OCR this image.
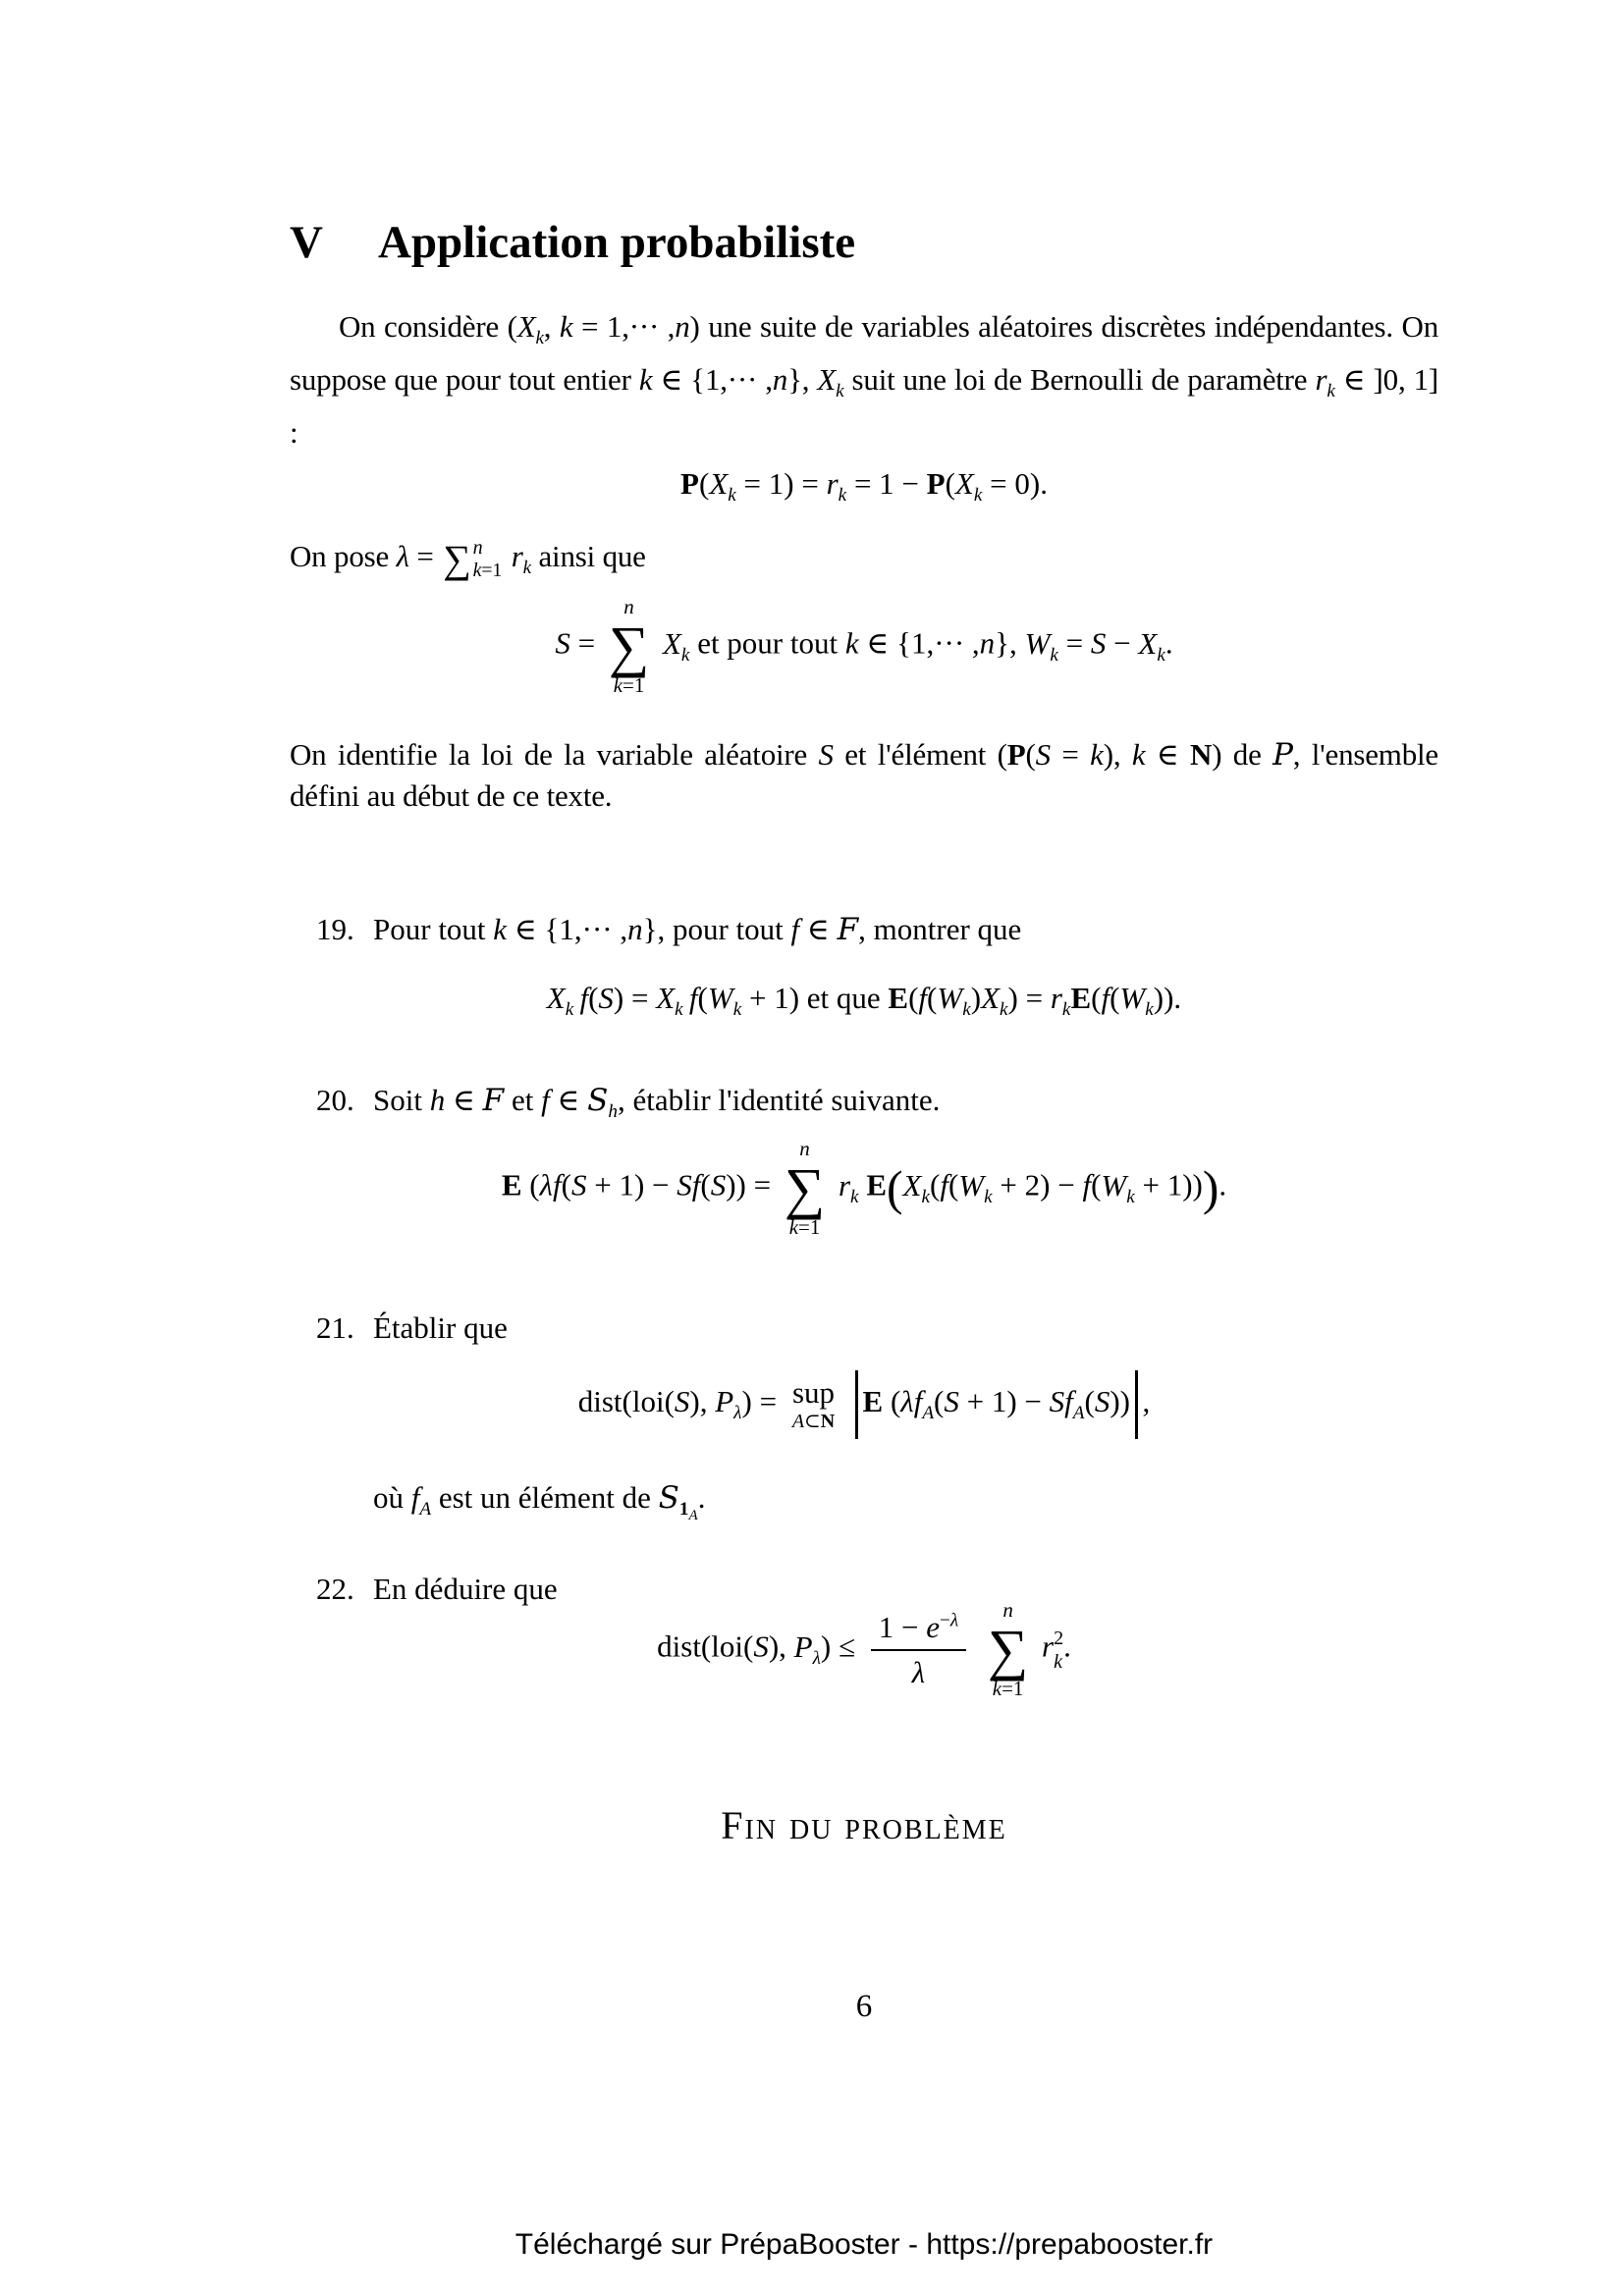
V Application probabiliste

On considère ($X_k$, k = 1,··· ,n) une suite de variables aléatoires discrètes indépendantes. On suppose que pour tout entier k ∈ {1,··· ,n}, $X_k$ suit une loi de Bernoulli de paramètre $r_k$ ∈ ]0, 1] :

$P(X_k = 1) = r_k = 1 - P(X_k = 0)$.

On pose λ = ∑ n
k=1 $r_k$ ainsi que

S =
n
∑
k=1
$X_k$ et pour tout k ∈ {1,··· ,n}, $W_k = S - X_k$.

On identifie la loi de la variable aléatoire S et l'élément (P(S = k), k ∈ N) de P, l'ensemble défini au début de ce texte.

19. Pour tout k ∈ {1,··· ,n}, pour tout f ∈ F, montrer que
$X_k$ $f(S) = X_k$ $f(W_k + 1)$ et que $E(f(W_k)X_k) = r_kE(f(W_k))$.
20. Soit h ∈ F et f ∈ $S_h$, établir l'identité suivante.
E (λf(S + 1) − Sf(S)) =
n
∑
k=1
$r_k$ $E(X_k(f(W_k + 2) - f(W_k + 1)))$.
21. Établir que
dist(loi(S), $P_\lambda$) = sup
A⊂N
E $(\lambda f_A(S + 1) - Sf_A(S))$ ,
où $f_A$ est un élément de $S_{1_A}$.
22. En déduire que
dist(loi(S), $P_\lambda) \le \frac{1 - e^{-\lambda}}{\lambda}$
n
∑
k=1
r 2
k .
Fin du problème
6
Téléchargé sur PrépaBooster - https://prepabooster.fr
